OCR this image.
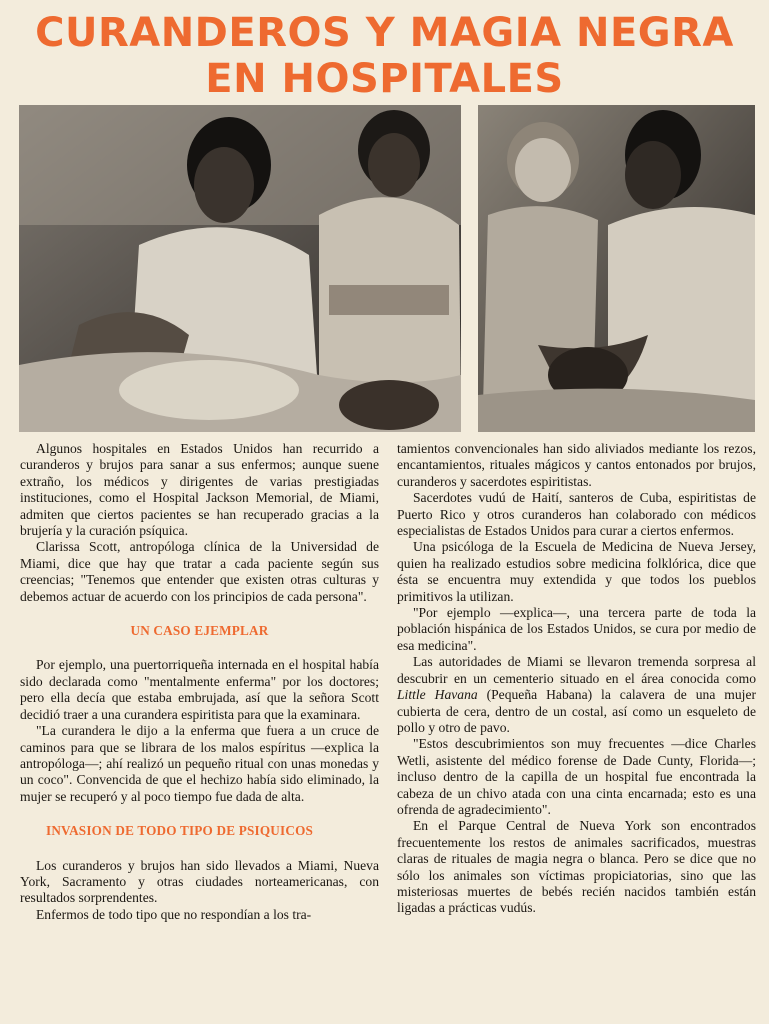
CURANDEROS Y MAGIA NEGRA
EN HOSPITALES

Algunos hospitales en Estados Unidos han recurrido a curanderos y brujos para sanar a sus enfermos; aunque suene extraño, los médicos y dirigentes de varias prestigiadas instituciones, como el Hospital Jackson Memorial, de Miami, admiten que ciertos pacientes se han recuperado gracias a la brujería y la curación psíquica.

Clarissa Scott, antropóloga clínica de la Universidad de Miami, dice que hay que tratar a cada paciente según sus creencias; "Tenemos que entender que existen otras culturas y debemos actuar de acuerdo con los principios de cada persona".

UN CASO EJEMPLAR

Por ejemplo, una puertorriqueña internada en el hospital había sido declarada como "mentalmente enferma" por los doctores; pero ella decía que estaba embrujada, así que la señora Scott decidió traer a una curandera espiritista para que la examinara.

"La curandera le dijo a la enferma que fuera a un cruce de caminos para que se librara de los malos espíritus —explica la antropóloga—; ahí realizó un pequeño ritual con unas monedas y un coco". Convencida de que el hechizo había sido eliminado, la mujer se recuperó y al poco tiempo fue dada de alta.

INVASION DE TODO TIPO DE PSIQUICOS

Los curanderos y brujos han sido llevados a Miami, Nueva York, Sacramento y otras ciudades norteamericanas, con resultados sorprendentes.

Enfermos de todo tipo que no respondían a los tra-

tamientos convencionales han sido aliviados mediante los rezos, encantamientos, rituales mágicos y cantos entonados por brujos, curanderos y sacerdotes espiritistas.

Sacerdotes vudú de Haití, santeros de Cuba, espiritistas de Puerto Rico y otros curanderos han colaborado con médicos especialistas de Estados Unidos para curar a ciertos enfermos.

Una psicóloga de la Escuela de Medicina de Nueva Jersey, quien ha realizado estudios sobre medicina folklórica, dice que ésta se encuentra muy extendida y que todos los pueblos primitivos la utilizan.

"Por ejemplo —explica—, una tercera parte de toda la población hispánica de los Estados Unidos, se cura por medio de esa medicina".

Las autoridades de Miami se llevaron tremenda sorpresa al descubrir en un cementerio situado en el área conocida como Little Havana (Pequeña Habana) la calavera de una mujer cubierta de cera, dentro de un costal, así como un esqueleto de pollo y otro de pavo.

"Estos descubrimientos son muy frecuentes —dice Charles Wetli, asistente del médico forense de Dade Cunty, Florida—; incluso dentro de la capilla de un hospital fue encontrada la cabeza de un chivo atada con una cinta encarnada; esto es una ofrenda de agradecimiento".

En el Parque Central de Nueva York son encontrados frecuentemente los restos de animales sacrificados, muestras claras de rituales de magia negra o blanca. Pero se dice que no sólo los animales son víctimas propiciatorias, sino que las misteriosas muertes de bebés recién nacidos también están ligadas a prácticas vudús.
